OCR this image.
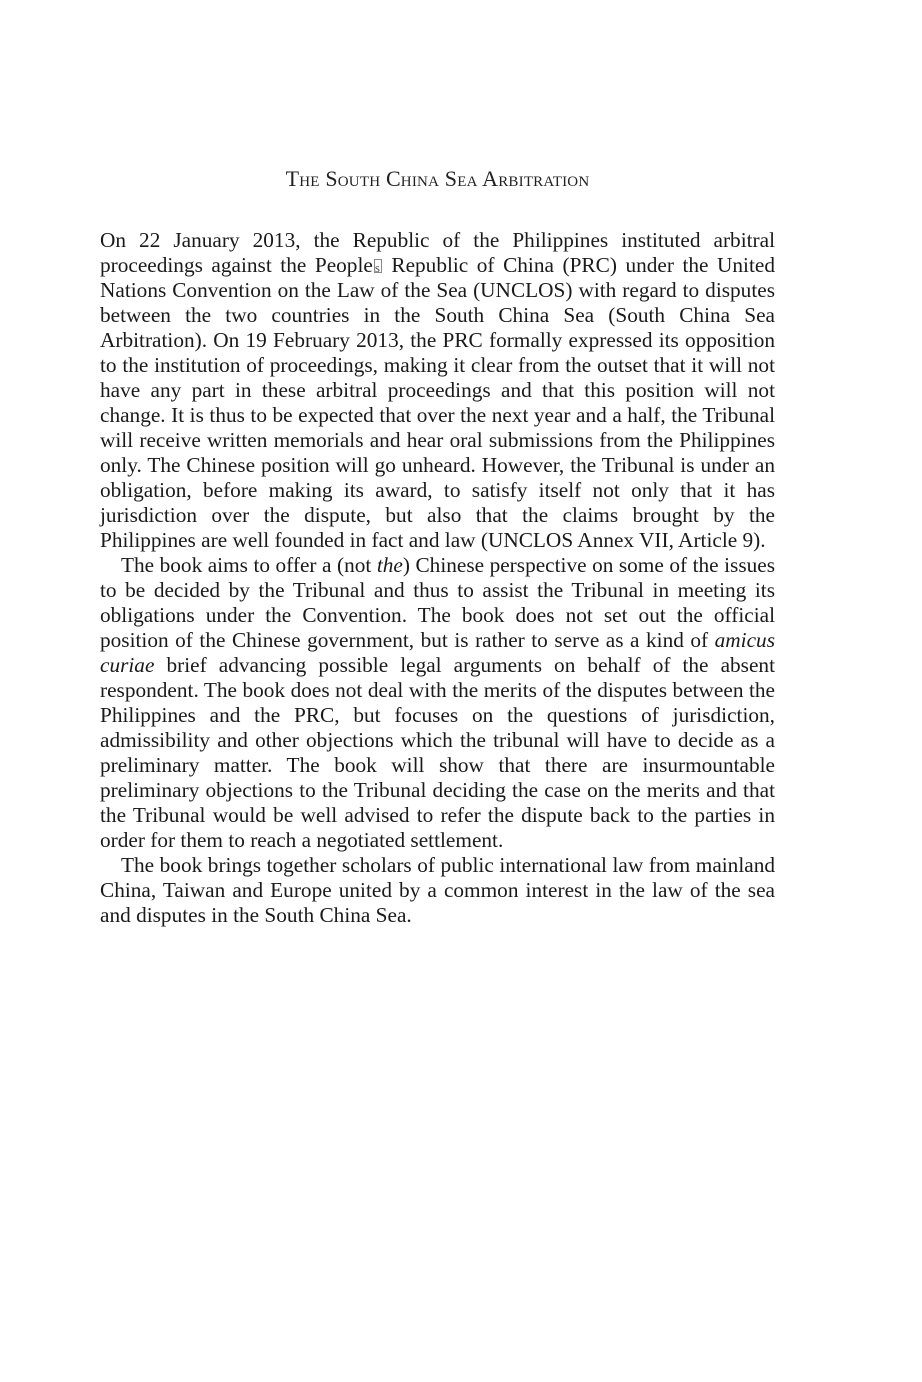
The South China Sea Arbitration

On 22 January 2013, the Republic of the Philippines instituted arbitral proceedings against the Peoples Republic of China (PRC) under the United Nations Convention on the Law of the Sea (UNCLOS) with regard to disputes between the two countries in the South China Sea (South China Sea Arbitration). On 19 February 2013, the PRC formally expressed its opposition to the institution of proceedings, making it clear from the outset that it will not have any part in these arbitral proceedings and that this position will not change. It is thus to be expected that over the next year and a half, the Tribunal will receive written memorials and hear oral submissions from the Philippines only. The Chinese position will go unheard. However, the Tribunal is under an obligation, before making its award, to satisfy itself not only that it has jurisdiction over the dispute, but also that the claims brought by the Philippines are well founded in fact and law (UNCLOS Annex VII, Article 9).

The book aims to offer a (not the) Chinese perspective on some of the issues to be decided by the Tribunal and thus to assist the Tribunal in meeting its obligations under the Convention. The book does not set out the official position of the Chinese government, but is rather to serve as a kind of amicus curiae brief advancing possible legal arguments on behalf of the absent respondent. The book does not deal with the merits of the disputes between the Philippines and the PRC, but focuses on the questions of jurisdiction, admissibility and other objections which the tribunal will have to decide as a preliminary matter. The book will show that there are insurmountable preliminary objections to the Tribunal deciding the case on the merits and that the Tribunal would be well advised to refer the dispute back to the parties in order for them to reach a negotiated settlement.

The book brings together scholars of public international law from mainland China, Taiwan and Europe united by a common interest in the law of the sea and disputes in the South China Sea.
